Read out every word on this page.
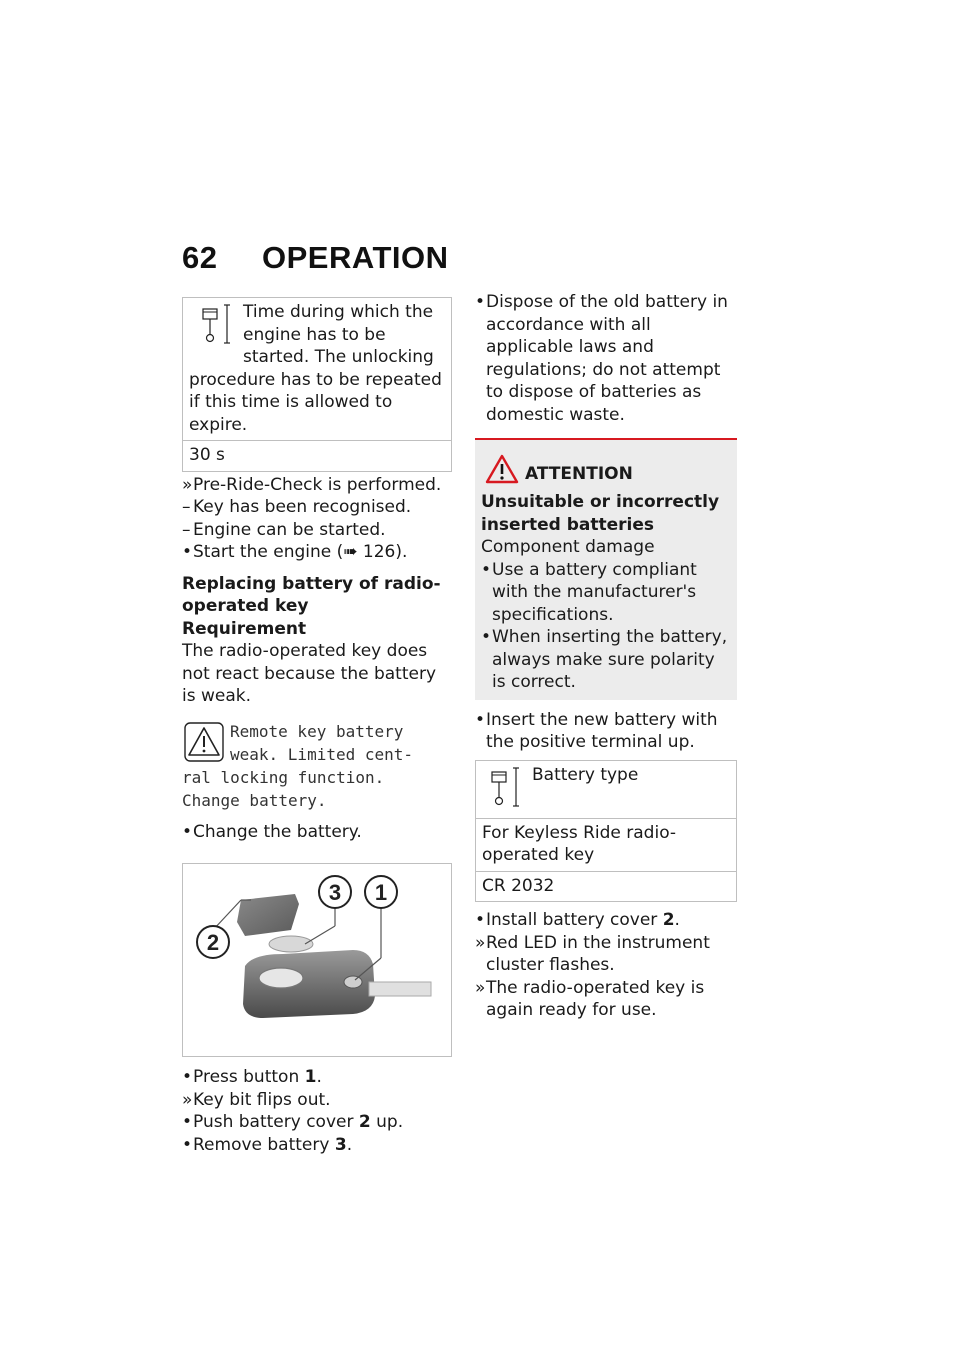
62 OPERATION
Time during which the engine has to be started. The unlocking procedure has to be repeated if this time is allowed to expire.
30 s
» Pre-Ride-Check is performed.
– Key has been recognised.
– Engine can be started.
• Start the engine (➠ 126).
Replacing battery of radio-
operated key
Requirement
The radio-operated key does not react because the battery is weak.
Remote key battery
weak. Limited cent-
ral locking function.
Change battery.
• Change the battery.
3 1
2
• Press button 1.
» Key bit flips out.
• Push battery cover 2 up.
• Remove battery 3.
• Dispose of the old battery in accordance with all applicable laws and regulations; do not attempt to dispose of batteries as domestic waste.
ATTENTION
Unsuitable or incorrectly inserted batteries
Component damage
• Use a battery compliant with the manufacturer's specifications.
• When inserting the battery, always make sure polarity is correct.
• Insert the new battery with the positive terminal up.
Battery type
For Keyless Ride radio-operated key
CR 2032
• Install battery cover 2.
» Red LED in the instrument cluster flashes.
» The radio-operated key is again ready for use.
